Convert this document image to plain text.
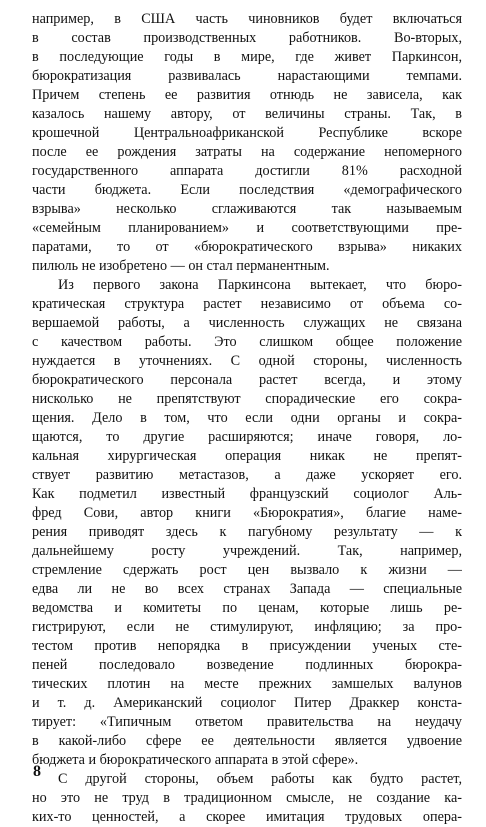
например, в США часть чиновников будет включаться
в состав производственных работников. Во-вторых,
в последующие годы в мире, где живет Паркинсон,
бюрократизация развивалась нарастающими темпами.
Причем степень ее развития отнюдь не зависела, как
казалось нашему автору, от величины страны. Так, в
крошечной Центральноафриканской Республике вскоре
после ее рождения затраты на содержание непомерного
государственного аппарата достигли 81% расходной
части бюджета. Если последствия «демографического
взрыва» несколько сглаживаются так называемым
«семейным планированием» и соответствующими пре-
паратами, то от «бюрократического взрыва» никаких
пилюль не изобретено — он стал перманентным.
Из первого закона Паркинсона вытекает, что бюро-
кратическая структура растет независимо от объема со-
вершаемой работы, а численность служащих не связана
с качеством работы. Это слишком общее положение
нуждается в уточнениях. С одной стороны, численность
бюрократического персонала растет всегда, и этому
нисколько не препятствуют спорадические его сокра-
щения. Дело в том, что если одни органы и сокра-
щаются, то другие расширяются; иначе говоря, ло-
кальная хирургическая операция никак не препят-
ствует развитию метастазов, а даже ускоряет его.
Как подметил известный французский социолог Аль-
фред Сови, автор книги «Бюрократия», благие наме-
рения приводят здесь к пагубному результату — к
дальнейшему росту учреждений. Так, например,
стремление сдержать рост цен вызвало к жизни —
едва ли не во всех странах Запада — специальные
ведомства и комитеты по ценам, которые лишь ре-
гистрируют, если не стимулируют, инфляцию; за про-
тестом против непорядка в присуждении ученых сте-
пеней последовало возведение подлинных бюрокра-
тических плотин на месте прежних замшелых валунов
и т. д. Американский социолог Питер Драккер конста-
тирует: «Типичным ответом правительства на неудачу
в какой-либо сфере ее деятельности является удвоение
бюджета и бюрократического аппарата в этой сфере».
С другой стороны, объем работы как будто растет,
но это не труд в традиционном смысле, не создание ка-
ких-то ценностей, а скорее имитация трудовых опера-
8
